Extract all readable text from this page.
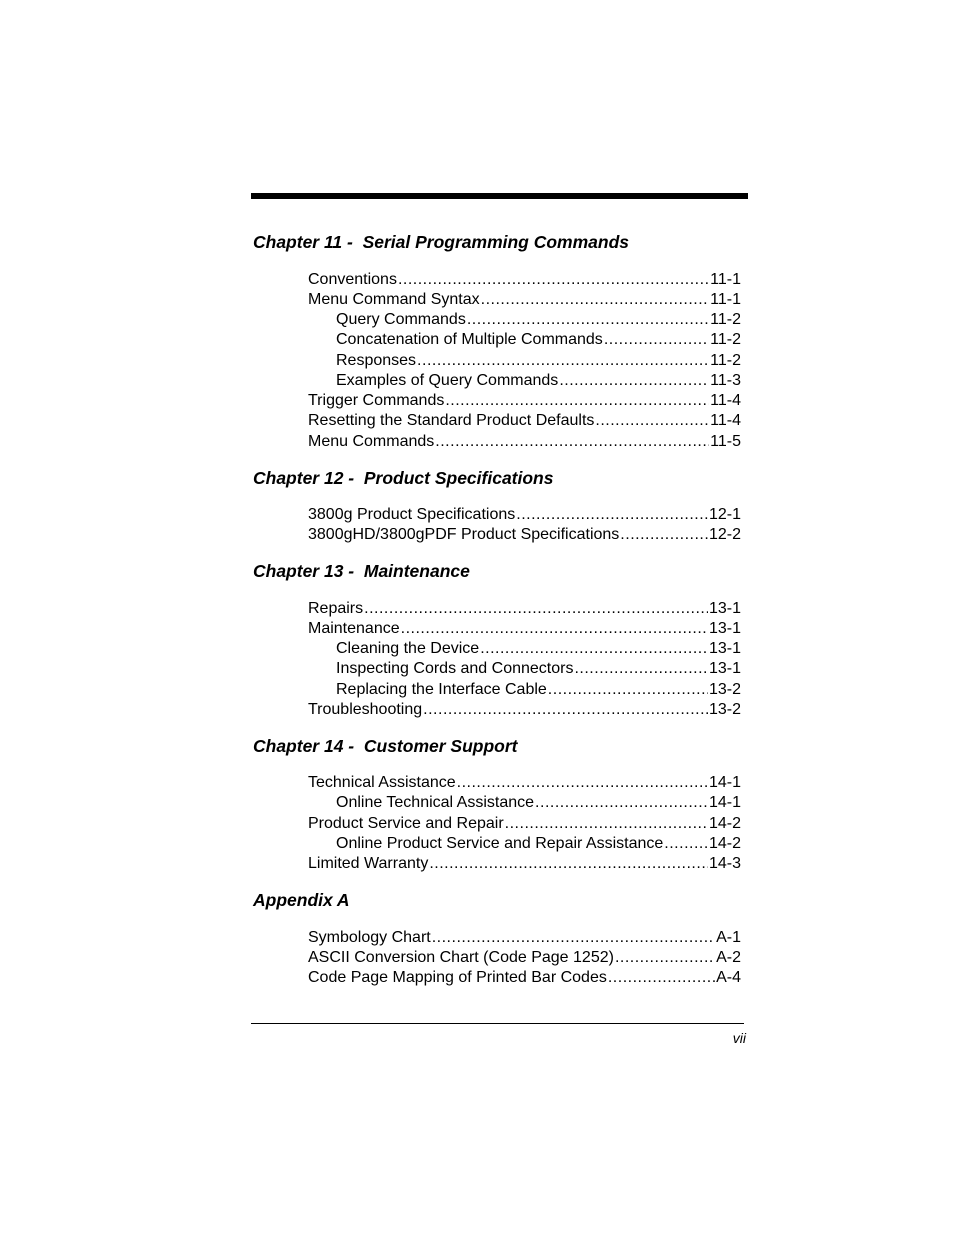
Chapter 11 -  Serial Programming Commands
Conventions .....	11-1
Menu Command Syntax .....	11-1
Query Commands .....	11-2
Concatenation of Multiple Commands .....	11-2
Responses .....	11-2
Examples of Query Commands .....	11-3
Trigger Commands .....	11-4
Resetting the Standard Product Defaults .....	11-4
Menu Commands .....	11-5
Chapter 12 -  Product Specifications
3800g Product Specifications .....	12-1
3800gHD/3800gPDF Product Specifications .....	12-2
Chapter 13 -  Maintenance
Repairs .....	13-1
Maintenance .....	13-1
Cleaning the Device .....	13-1
Inspecting Cords and Connectors .....	13-1
Replacing the Interface Cable .....	13-2
Troubleshooting .....	13-2
Chapter 14 -  Customer Support
Technical Assistance .....	14-1
Online Technical Assistance .....	14-1
Product Service and Repair .....	14-2
Online Product Service and Repair Assistance .....	14-2
Limited Warranty .....	14-3
Appendix A
Symbology Chart .....	A-1
ASCII Conversion Chart (Code Page 1252) .....	A-2
Code Page Mapping of Printed Bar Codes .....	A-4
vii
